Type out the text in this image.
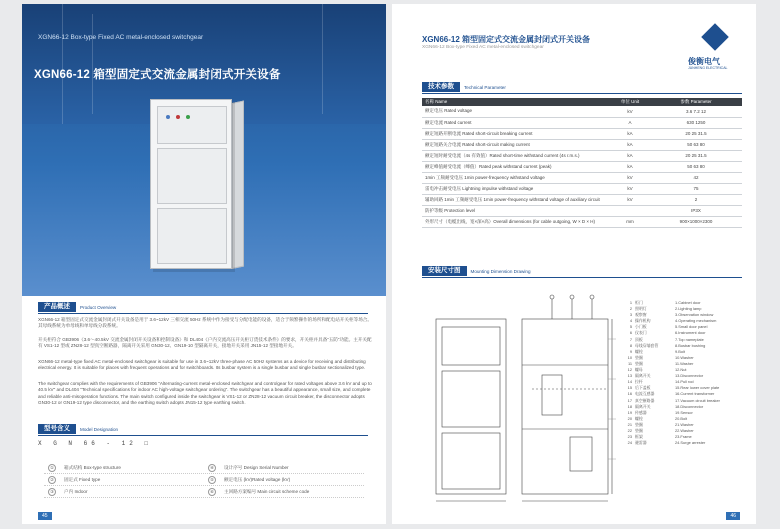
XGN66-12 Box-type Fixed AC metal-enclosed switchgear
XGN66-12 箱型固定式交流金属封闭式开关设备
产品概述	Product Overview
XGN66-12 箱型固定式交流金属封闭式开关设备是用于 3.6~12kV 三相交流 50Hz 系统中作为接受与分配电能的设备，适合于频繁操作的场所和配电站开关柜等场合。其母线系统为单母线和单母线分段系统。
开关柜符合 GB3906《3.6～40.5kV 交流金属封闭开关设备和控制设备》和 DL404《户内交流高压开关柜订货技术条件》的要求，开关柜并具备“五防”功能。主开关配有 VS1-12 型或 ZN28-12 型真空断路器，隔离开关采用 GN30-12、GN19-10 型隔离开关，接地开关采用 JN15-12 型接地开关。
XGN66-12 metal-type fixed AC metal-enclosed switchgear is suitable for use in 3.6~12kV three-phase AC 50Hz systems as a device for receiving and distributing electrical energy. It is suitable for places with frequent operations and for switchboards. Its busbar system is a single busbar and single busbar sectionalized type.
The switchgear complies with the requirements of GB3906 "Alternating-current metal-enclosed switchgear and controlgear for rated voltages above 3.6 kV and up to 40.5 kV" and DL404 "Technical specifications for indoor AC high-voltage switchgear ordering". The switchgear has a beautiful appearance, small size, and complete and reliable anti-misoperation functions. The main switch configured inside the switchgear is VS1-12 or ZN28-12 vacuum circuit breaker, the disconnector adopts GN30-12 or GN19-12 type disconnector, and the earthing switch adopts JN15-12 type earthing switch.
型号含义	Model Designation
X G N 66 - 12 □
①	箱式结构 Box-type structure	④	设计序号 Design Serial Number
②	固定式 Fixed type	⑤	额定电压 (kV)Rated voltage (kV)
③	户内 Indoor	⑥	主回路方案编号 Main circuit scheme code
45
XGN66-12 箱型固定式交流金属封闭式开关设备
XGN66-12 Box-type Fixed AC metal-enclosed switchgear
俊衡电气
JUNHENG ELECTRICAL
技术参数	Technical Parameter
名称 Name	单位 Unit	参数 Parameter
额定电压 Rated voltage	kV	3.6 7.2 12
额定电流 Rated current	A	630 1250
额定短路开断电流 Rated short-circuit breaking current	kA	20 25 31.5
额定短路关合电流 Rated short-circuit making current	kA	50 63 80
额定短时耐受电流（4s 有效值）Rated short-time withstand current (4s r.m.s.)	kA	20 25 31.5
额定峰值耐受电流（峰值）Rated peak withstand current (peak)	kA	50 63 80
1min 工频耐受电压 1min power-frequency withstand voltage	kV	42
雷电冲击耐受电压 Lightning impulse withstand voltage	kV	75
辅助回路 1min 工频耐受电压 1min power-frequency withstand voltage of auxiliary circuit	kV	2
防护等级 Protection level		IP3X
外形尺寸（电缆出线，宽×深×高）Overall dimensions (for cable outgoing, W × D × H)	mm	900×1000×2300
安装尺寸图	Mounting Dimension Drawing
1 柜门	1.Cabinet door
2 照明灯	2.Lighting lamp
3 观察窗	3.Observation window
4 操作机构	4.Operating mechanism
5 小门板	5.Small door panel
6 仪表门	6.Instrument door
7 顶板	7.Top nameplate
8 母线穿墙套管	8.Busbar bushing
9 螺栓	9.Bolt
10 垫圈	10.Washer
11 垫圈	11.Washer
12 螺母	12.Nut
13 隔离开关	13.Disconnector
14 拉杆	14.Pull rod
15 后下盖板	15.Rear lower cover plate
16 电流互感器	16.Current transformer
17 真空断路器	17.Vacuum circuit breaker
18 隔离开关	18.Disconnector
19 传感器	19.Sensor
20 螺栓	20.Bolt
21 垫圈	21.Washer
22 垫圈	22.Washer
23 框架	23.Frame
24 避雷器	24.Surge arrester
46
